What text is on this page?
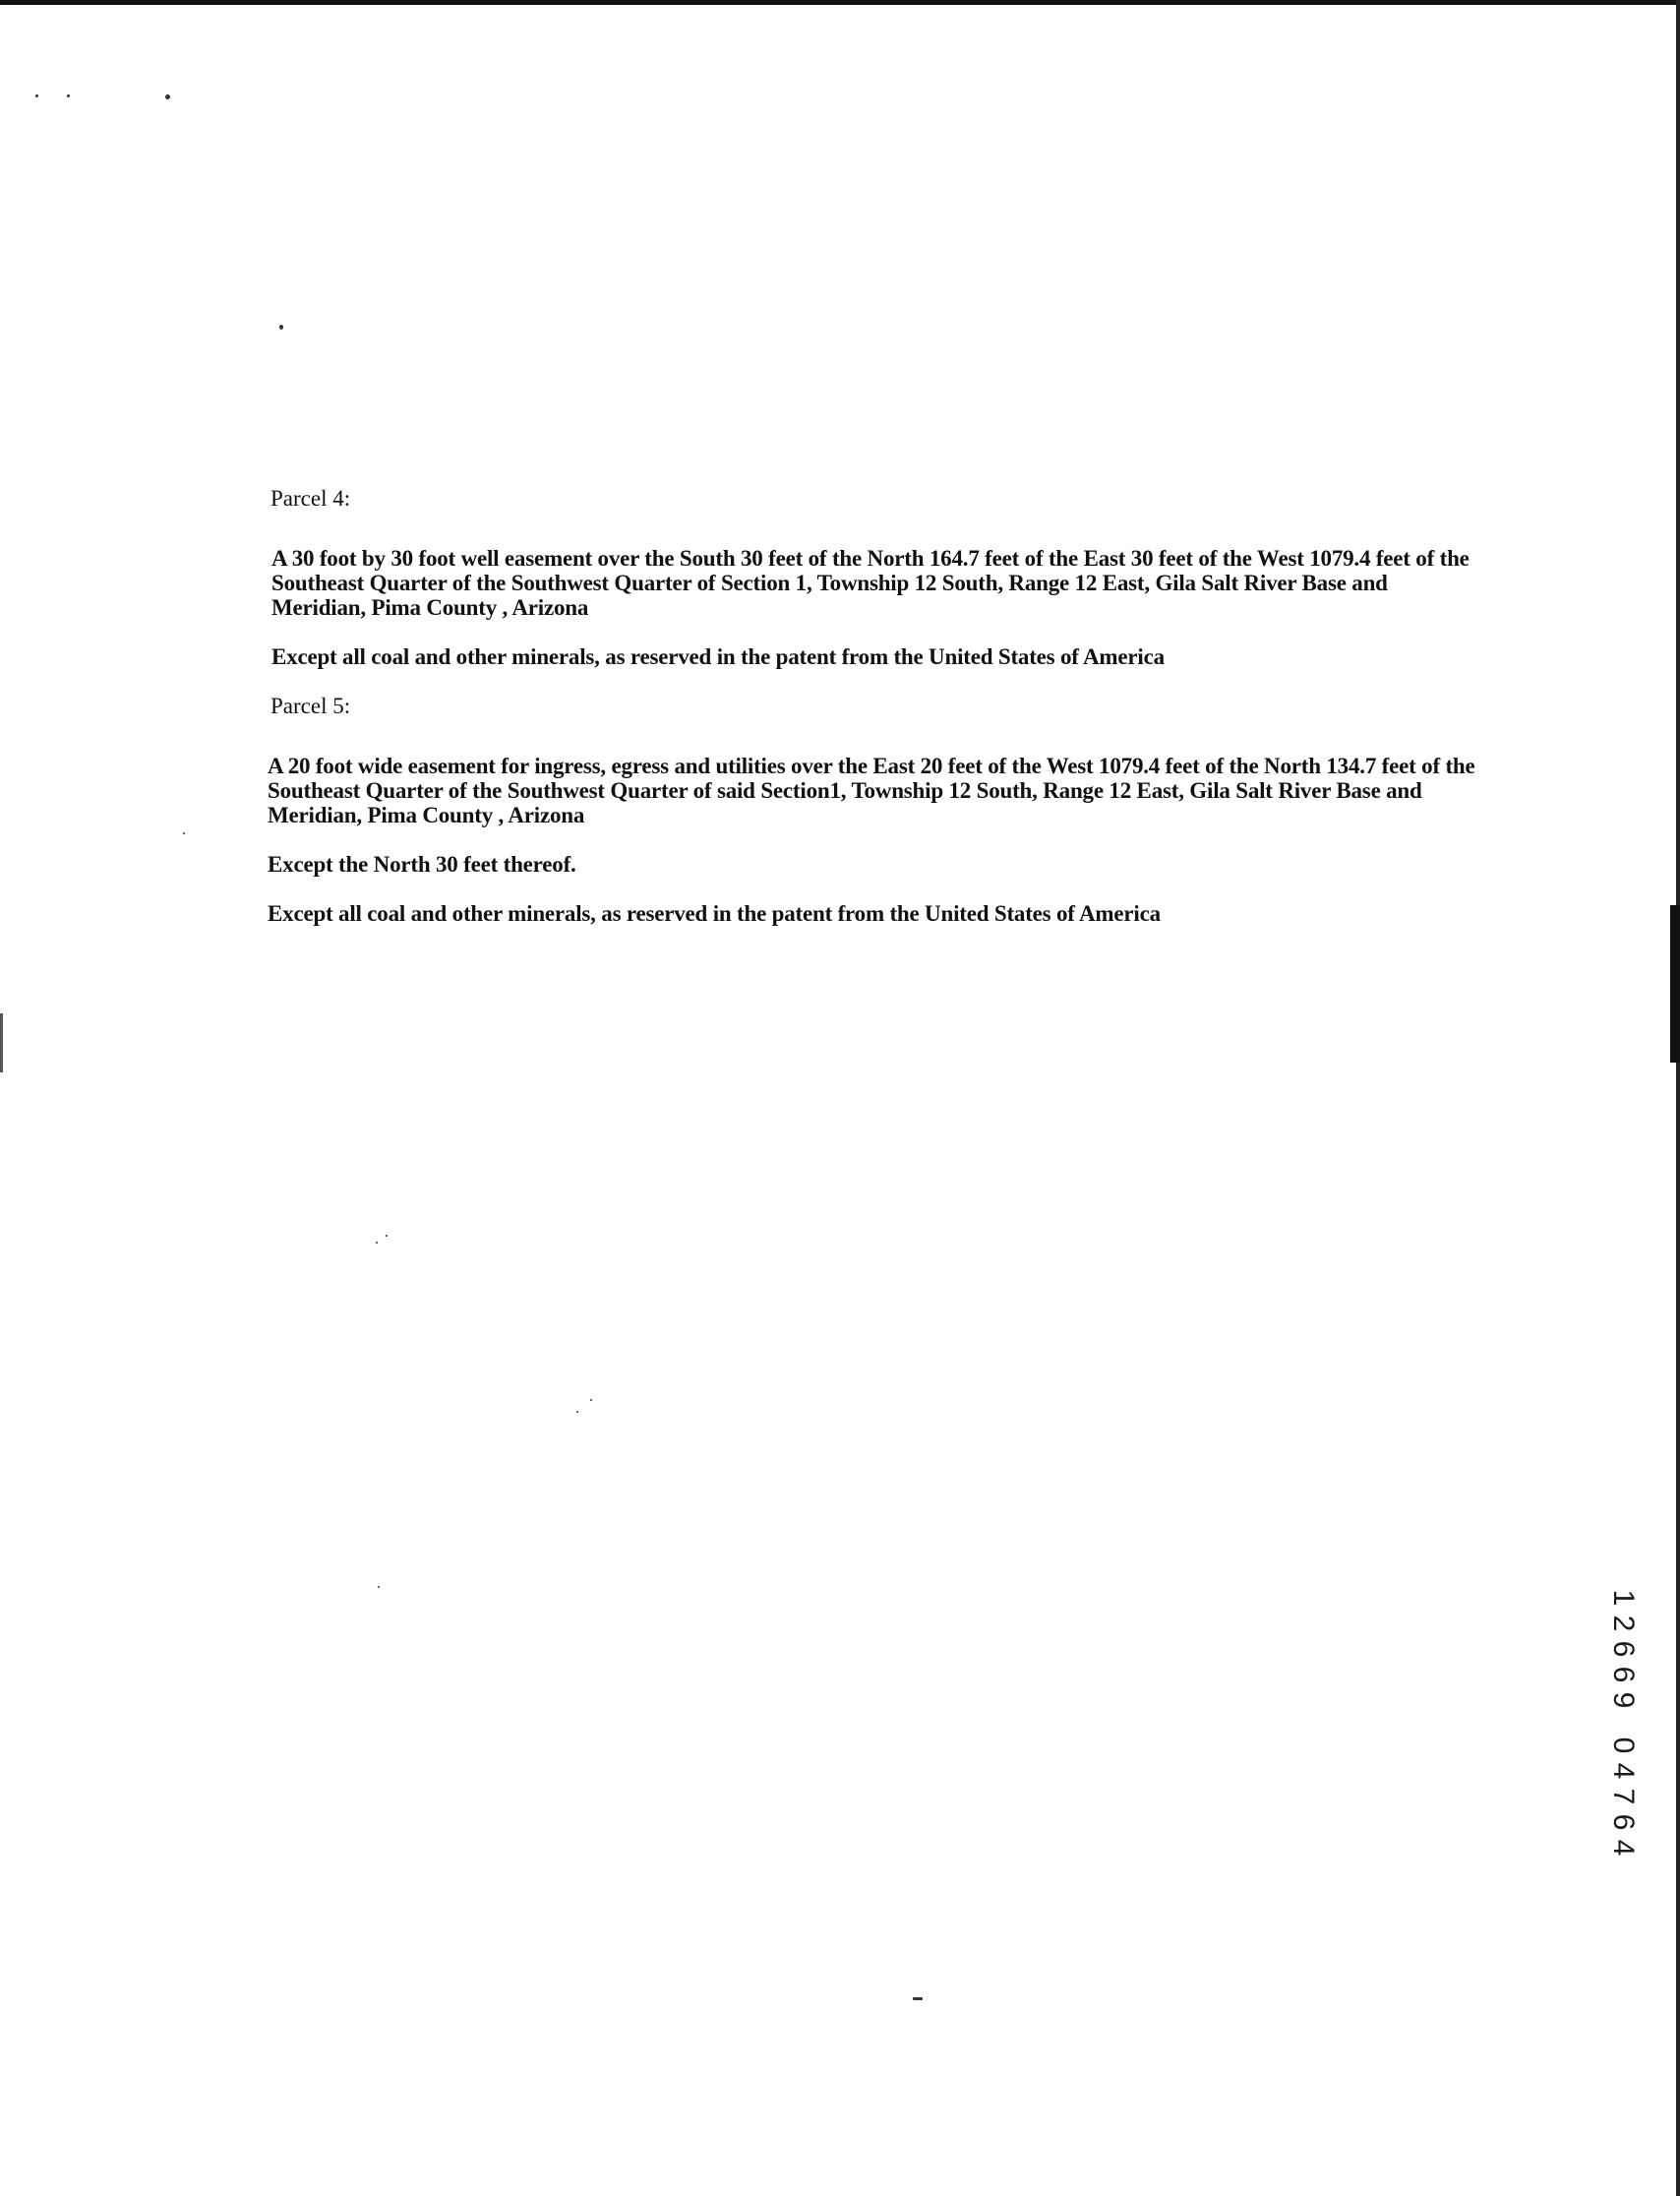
Parcel 4:

A 30 foot by 30 foot well easement over the South 30 feet of the North 164.7 feet of the East 30 feet of the West 1079.4 feet of the Southeast Quarter of the Southwest Quarter of Section 1, Township 12 South, Range 12 East, Gila Salt River Base and Meridian, Pima County , Arizona

Except all coal and other minerals, as reserved in the patent from the United States of America

Parcel 5:

A 20 foot wide easement for ingress, egress and utilities over the East 20 feet of the West 1079.4 feet of the North 134.7 feet of the Southeast Quarter of the Southwest Quarter of said Section1, Township 12 South, Range 12 East, Gila Salt River Base and Meridian, Pima County , Arizona

Except the North 30 feet thereof.

Except all coal and other minerals, as reserved in the patent from the United States of America

1
2
6
6
9
0
4
7
6
4
